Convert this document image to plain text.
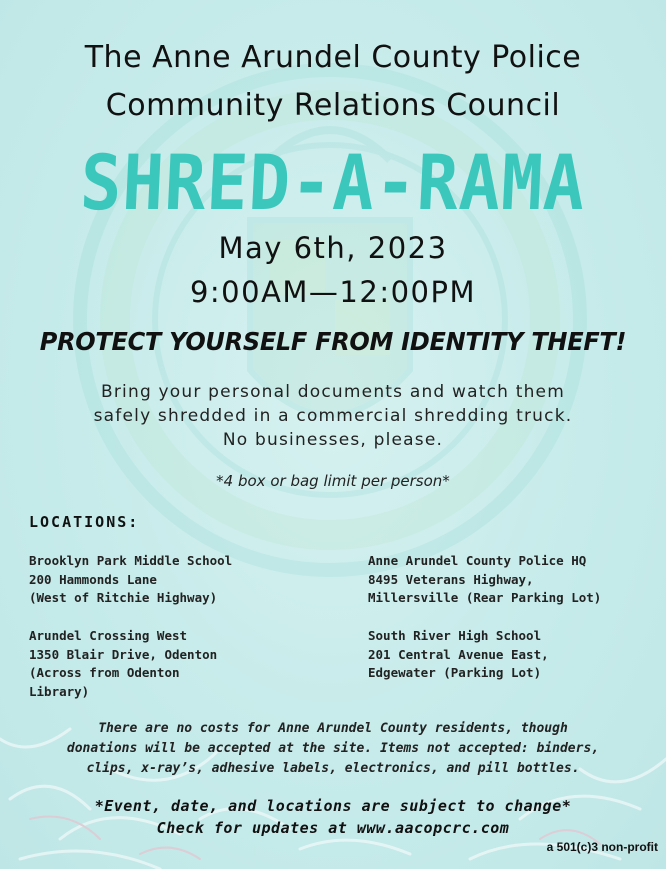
The Anne Arundel County Police
Community Relations Council
SHRED-A-RAMA
May 6th, 2023
9:00AM—12:00PM
PROTECT YOURSELF FROM IDENTITY THEFT!
Bring your personal documents and watch them
safely shredded in a commercial shredding truck.
No businesses, please.
*4 box or bag limit per person*
LOCATIONS:
Brooklyn Park Middle School
200 Hammonds Lane
(West of Ritchie Highway)
Anne Arundel County Police HQ
8495 Veterans Highway,
Millersville (Rear Parking Lot)
Arundel Crossing West
1350 Blair Drive, Odenton
(Across from Odenton
Library)
South River High School
201 Central Avenue East,
Edgewater (Parking Lot)
There are no costs for Anne Arundel County residents, though
donations will be accepted at the site. Items not accepted: binders,
clips, x-ray’s, adhesive labels, electronics, and pill bottles.
*Event, date, and locations are subject to change*
Check for updates at www.aacopcrc.com
a 501(c)3 non-profit
